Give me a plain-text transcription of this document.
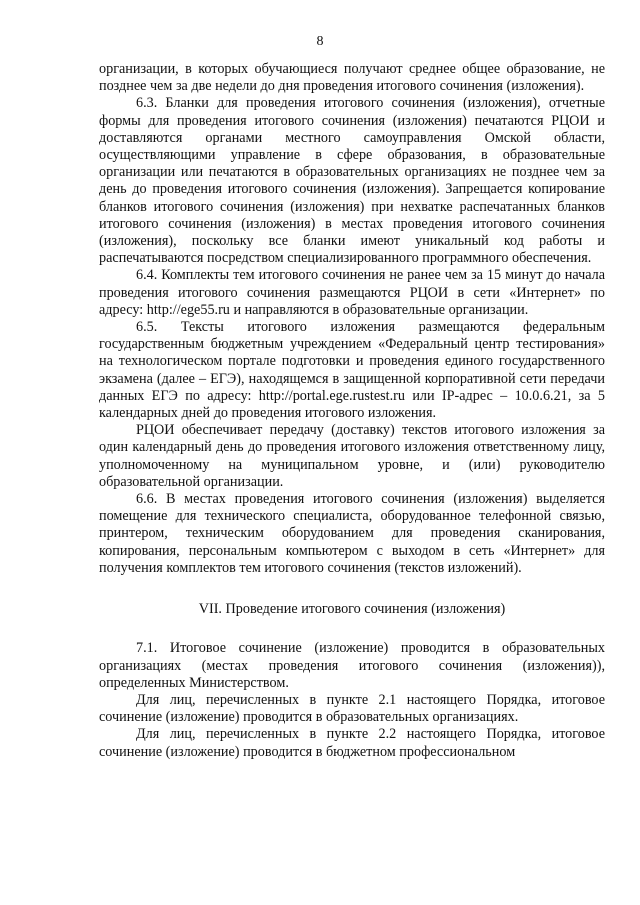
8

организации, в которых обучающиеся получают среднее общее образование, не позднее чем за две недели до дня проведения итогового сочинения (изложения).

6.3. Бланки для проведения итогового сочинения (изложения), отчетные формы для проведения итогового сочинения (изложения) печатаются РЦОИ и доставляются органами местного самоуправления Омской области, осуществляющими управление в сфере образования, в образовательные организации или печатаются в образовательных организациях не позднее чем за день до проведения итогового сочинения (изложения). Запрещается копирование бланков итогового сочинения (изложения) при нехватке распечатанных бланков итогового сочинения (изложения) в местах проведения итогового сочинения (изложения), поскольку все бланки имеют уникальный код работы и распечатываются посредством специализированного программного обеспечения.

6.4. Комплекты тем итогового сочинения не ранее чем за 15 минут до начала проведения итогового сочинения размещаются РЦОИ в сети «Интернет» по адресу: http://ege55.ru и направляются в образовательные организации.

6.5. Тексты итогового изложения размещаются федеральным государственным бюджетным учреждением «Федеральный центр тестирования» на технологическом портале подготовки и проведения единого государственного экзамена (далее – ЕГЭ), находящемся в защищенной корпоративной сети передачи данных ЕГЭ по адресу: http://portal.ege.rustest.ru или IP-адрес – 10.0.6.21, за 5 календарных дней до проведения итогового изложения.

РЦОИ обеспечивает передачу (доставку) текстов итогового изложения за один календарный день до проведения итогового изложения ответственному лицу, уполномоченному на муниципальном уровне, и (или) руководителю образовательной организации.

6.6. В местах проведения итогового сочинения (изложения) выделяется помещение для технического специалиста, оборудованное телефонной связью, принтером, техническим оборудованием для проведения сканирования, копирования, персональным компьютером с выходом в сеть «Интернет» для получения комплектов тем итогового сочинения (текстов изложений).

VII. Проведение итогового сочинения (изложения)

7.1. Итоговое сочинение (изложение) проводится в образовательных организациях (местах проведения итогового сочинения (изложения)), определенных Министерством.

Для лиц, перечисленных в пункте 2.1 настоящего Порядка, итоговое сочинение (изложение) проводится в образовательных организациях.

Для лиц, перечисленных в пункте 2.2 настоящего Порядка, итоговое сочинение (изложение) проводится в бюджетном профессиональном
